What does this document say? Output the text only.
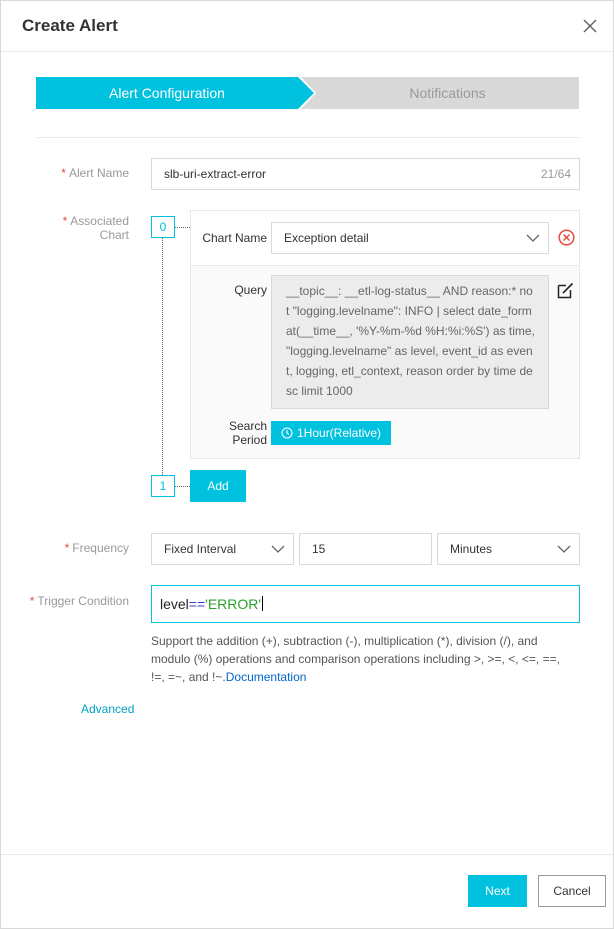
Create Alert
Alert Configuration	Notifications
* Alert Name	slb-uri-extract-error	21/64
* Associated Chart
0
1
Chart Name Exception detail
Query	__topic__: __etl-log-status__ AND reason:* not "logging.levelname": INFO | select date_format(__time__, '%Y-%m-%d %H:%i:%S') as time, "logging.levelname" as level, event_id as event, logging, etl_context, reason order by time desc limit 1000
Search
Period	1Hour(Relative)
Add
* Frequency	Fixed Interval	15	Minutes
* Trigger Condition level=='ERROR'
Support the addition (+), subtraction (-), multiplication (*), division (/), and modulo (%) operations and comparison operations including >, >=, <, <=, ==, !=, =~, and !~.Documentation
Advanced
Next	Cancel
